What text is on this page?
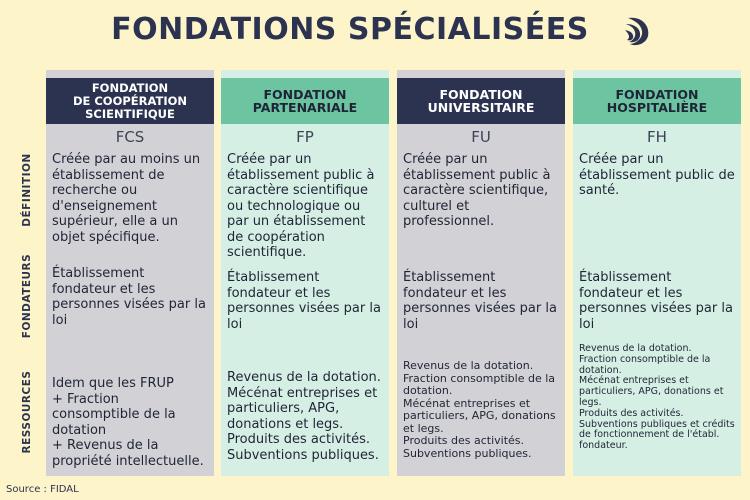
FONDATIONS SPÉCIALISÉES
DÉFINITION
FONDATEURS
RESSOURCES
FONDATION
DE COOPÉRATION
SCIENTIFIQUE
FCS
Créée par au moins un établissement de recherche ou d'enseignement supérieur, elle a un objet spécifique.
Établissement fondateur et les personnes visées par la loi
Idem que les FRUP
+ Fraction consomptible de la dotation
+ Revenus de la propriété intellectuelle.
FONDATION
PARTENARIALE
FP
Créée par un établissement public à caractère scientifique ou technologique ou par un établissement de coopération scientifique.
Établissement fondateur et les personnes visées par la loi
Revenus de la dotation.
Mécénat entreprises et particuliers, APG, donations et legs.
Produits des activités.
Subventions publiques.
FONDATION
UNIVERSITAIRE
FU
Créée par un établissement public à caractère scientifique, culturel et professionnel.
Établissement fondateur et les personnes visées par la loi
Revenus de la dotation.
Fraction consomptible de la dotation.
Mécénat entreprises et particuliers, APG, donations et legs.
Produits des activités.
Subventions publiques.
FONDATION
HOSPITALIÈRE
FH
Créée par un établissement public de santé.
Établissement fondateur et les personnes visées par la loi
Revenus de la dotation.
Fraction consomptible de la dotation.
Mécénat entreprises et particuliers, APG, donations et legs.
Produits des activités.
Subventions publiques et crédits de fonctionnement de l'établ. fondateur.
Source : FIDAL
